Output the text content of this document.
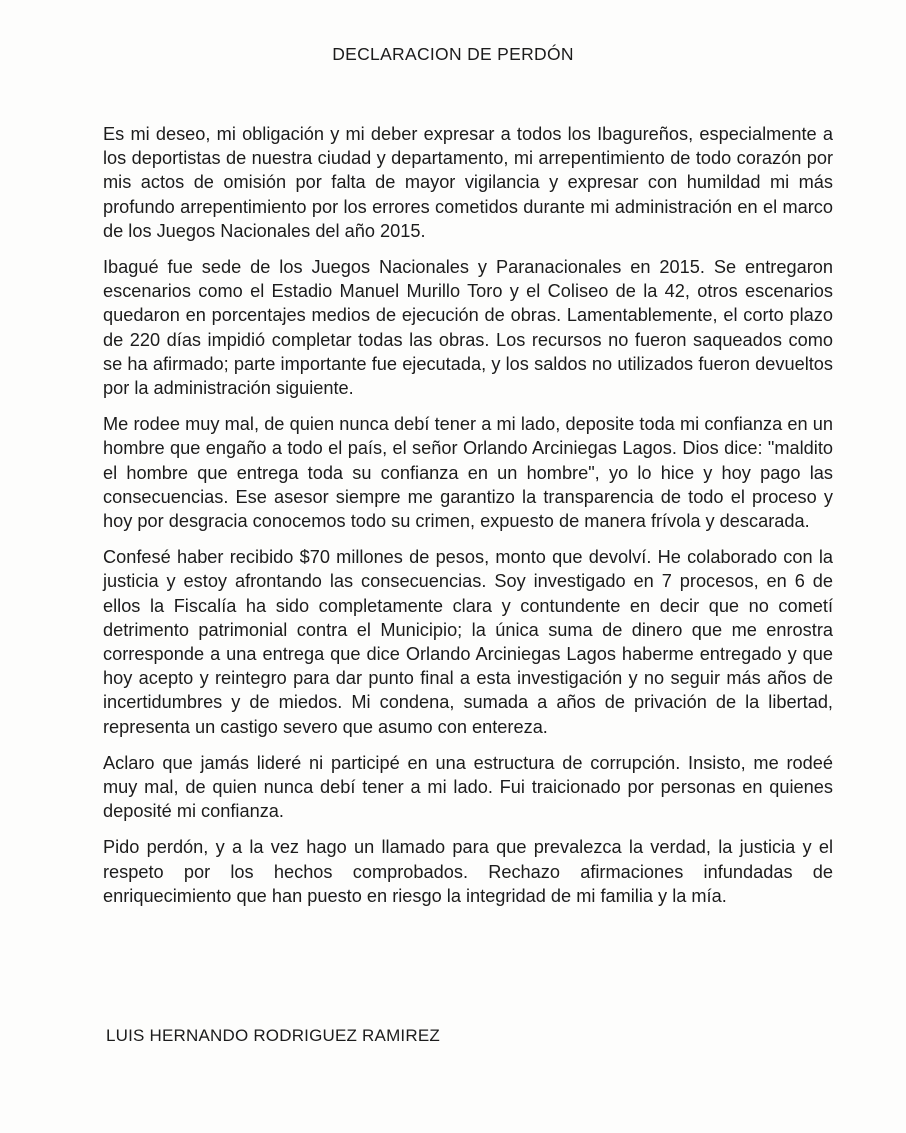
DECLARACION DE PERDÓN

Es mi deseo, mi obligación y mi deber expresar a todos los Ibagureños, especialmente a los deportistas de nuestra ciudad y departamento, mi arrepentimiento de todo corazón por mis actos de omisión por falta de mayor vigilancia y expresar con humildad mi más profundo arrepentimiento por los errores cometidos durante mi administración en el marco de los Juegos Nacionales del año 2015.

Ibagué fue sede de los Juegos Nacionales y Paranacionales en 2015. Se entregaron escenarios como el Estadio Manuel Murillo Toro y el Coliseo de la 42, otros escenarios quedaron en porcentajes medios de ejecución de obras. Lamentablemente, el corto plazo de 220 días impidió completar todas las obras. Los recursos no fueron saqueados como se ha afirmado; parte importante fue ejecutada, y los saldos no utilizados fueron devueltos por la administración siguiente.

Me rodee muy mal, de quien nunca debí tener a mi lado, deposite toda mi confianza en un hombre que engaño a todo el país, el señor Orlando Arciniegas Lagos. Dios dice: "maldito el hombre que entrega toda su confianza en un hombre", yo lo hice y hoy pago las consecuencias. Ese asesor siempre me garantizo la transparencia de todo el proceso y hoy por desgracia conocemos todo su crimen, expuesto de manera frívola y descarada.

Confesé haber recibido $70 millones de pesos, monto que devolví. He colaborado con la justicia y estoy afrontando las consecuencias. Soy investigado en 7 procesos, en 6 de ellos la Fiscalía ha sido completamente clara y contundente en decir que no cometí detrimento patrimonial contra el Municipio; la única suma de dinero que me enrostra corresponde a una entrega que dice Orlando Arciniegas Lagos haberme entregado y que hoy acepto y reintegro para dar punto final a esta investigación y no seguir más años de incertidumbres y de miedos. Mi condena, sumada a años de privación de la libertad, representa un castigo severo que asumo con entereza.

Aclaro que jamás lideré ni participé en una estructura de corrupción. Insisto, me rodeé muy mal, de quien nunca debí tener a mi lado. Fui traicionado por personas en quienes deposité mi confianza.

Pido perdón, y a la vez hago un llamado para que prevalezca la verdad, la justicia y el respeto por los hechos comprobados. Rechazo afirmaciones infundadas de enriquecimiento que han puesto en riesgo la integridad de mi familia y la mía.

LUIS HERNANDO RODRIGUEZ RAMIREZ
